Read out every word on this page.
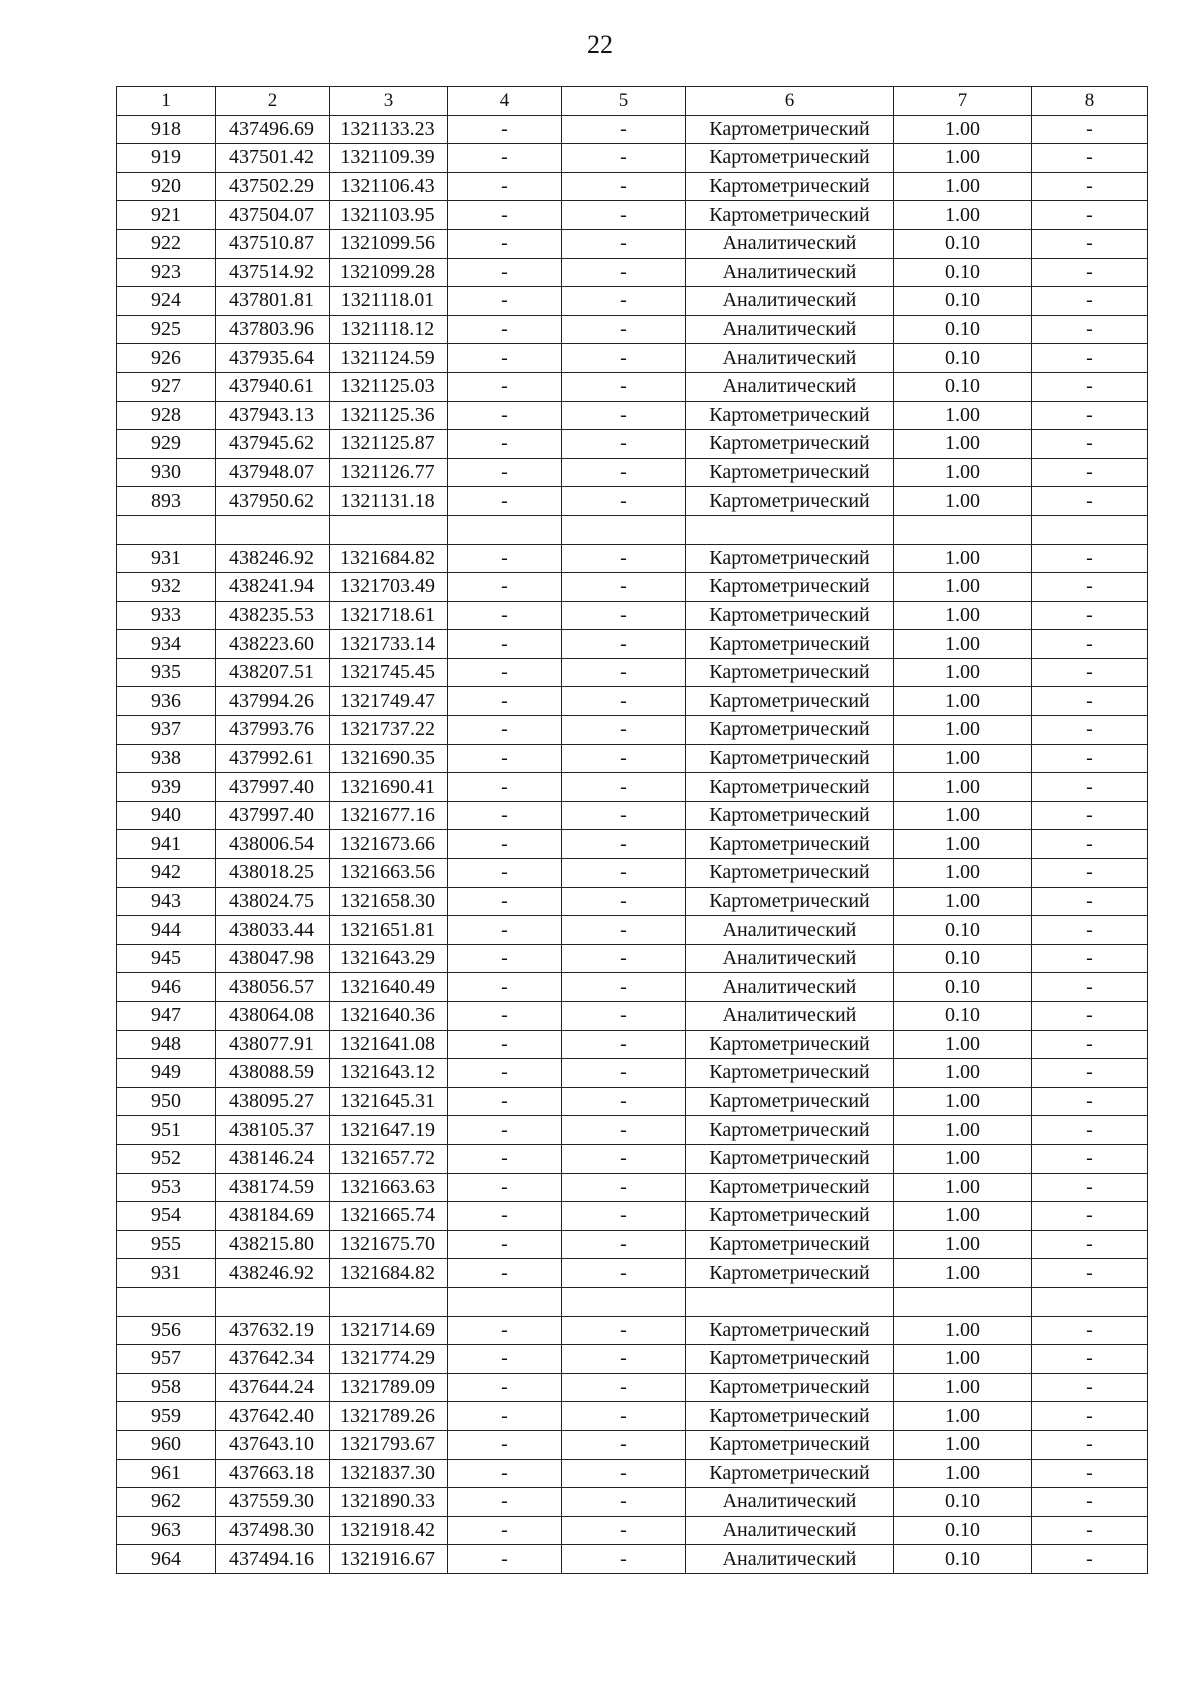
22
1	2	3	4	5	6	7	8
918	437496.69	1321133.23	-	-	Картометрический	1.00	-
919	437501.42	1321109.39	-	-	Картометрический	1.00	-
920	437502.29	1321106.43	-	-	Картометрический	1.00	-
921	437504.07	1321103.95	-	-	Картометрический	1.00	-
922	437510.87	1321099.56	-	-	Аналитический	0.10	-
923	437514.92	1321099.28	-	-	Аналитический	0.10	-
924	437801.81	1321118.01	-	-	Аналитический	0.10	-
925	437803.96	1321118.12	-	-	Аналитический	0.10	-
926	437935.64	1321124.59	-	-	Аналитический	0.10	-
927	437940.61	1321125.03	-	-	Аналитический	0.10	-
928	437943.13	1321125.36	-	-	Картометрический	1.00	-
929	437945.62	1321125.87	-	-	Картометрический	1.00	-
930	437948.07	1321126.77	-	-	Картометрический	1.00	-
893	437950.62	1321131.18	-	-	Картометрический	1.00	-

931	438246.92	1321684.82	-	-	Картометрический	1.00	-
932	438241.94	1321703.49	-	-	Картометрический	1.00	-
933	438235.53	1321718.61	-	-	Картометрический	1.00	-
934	438223.60	1321733.14	-	-	Картометрический	1.00	-
935	438207.51	1321745.45	-	-	Картометрический	1.00	-
936	437994.26	1321749.47	-	-	Картометрический	1.00	-
937	437993.76	1321737.22	-	-	Картометрический	1.00	-
938	437992.61	1321690.35	-	-	Картометрический	1.00	-
939	437997.40	1321690.41	-	-	Картометрический	1.00	-
940	437997.40	1321677.16	-	-	Картометрический	1.00	-
941	438006.54	1321673.66	-	-	Картометрический	1.00	-
942	438018.25	1321663.56	-	-	Картометрический	1.00	-
943	438024.75	1321658.30	-	-	Картометрический	1.00	-
944	438033.44	1321651.81	-	-	Аналитический	0.10	-
945	438047.98	1321643.29	-	-	Аналитический	0.10	-
946	438056.57	1321640.49	-	-	Аналитический	0.10	-
947	438064.08	1321640.36	-	-	Аналитический	0.10	-
948	438077.91	1321641.08	-	-	Картометрический	1.00	-
949	438088.59	1321643.12	-	-	Картометрический	1.00	-
950	438095.27	1321645.31	-	-	Картометрический	1.00	-
951	438105.37	1321647.19	-	-	Картометрический	1.00	-
952	438146.24	1321657.72	-	-	Картометрический	1.00	-
953	438174.59	1321663.63	-	-	Картометрический	1.00	-
954	438184.69	1321665.74	-	-	Картометрический	1.00	-
955	438215.80	1321675.70	-	-	Картометрический	1.00	-
931	438246.92	1321684.82	-	-	Картометрический	1.00	-

956	437632.19	1321714.69	-	-	Картометрический	1.00	-
957	437642.34	1321774.29	-	-	Картометрический	1.00	-
958	437644.24	1321789.09	-	-	Картометрический	1.00	-
959	437642.40	1321789.26	-	-	Картометрический	1.00	-
960	437643.10	1321793.67	-	-	Картометрический	1.00	-
961	437663.18	1321837.30	-	-	Картометрический	1.00	-
962	437559.30	1321890.33	-	-	Аналитический	0.10	-
963	437498.30	1321918.42	-	-	Аналитический	0.10	-
964	437494.16	1321916.67	-	-	Аналитический	0.10	-
